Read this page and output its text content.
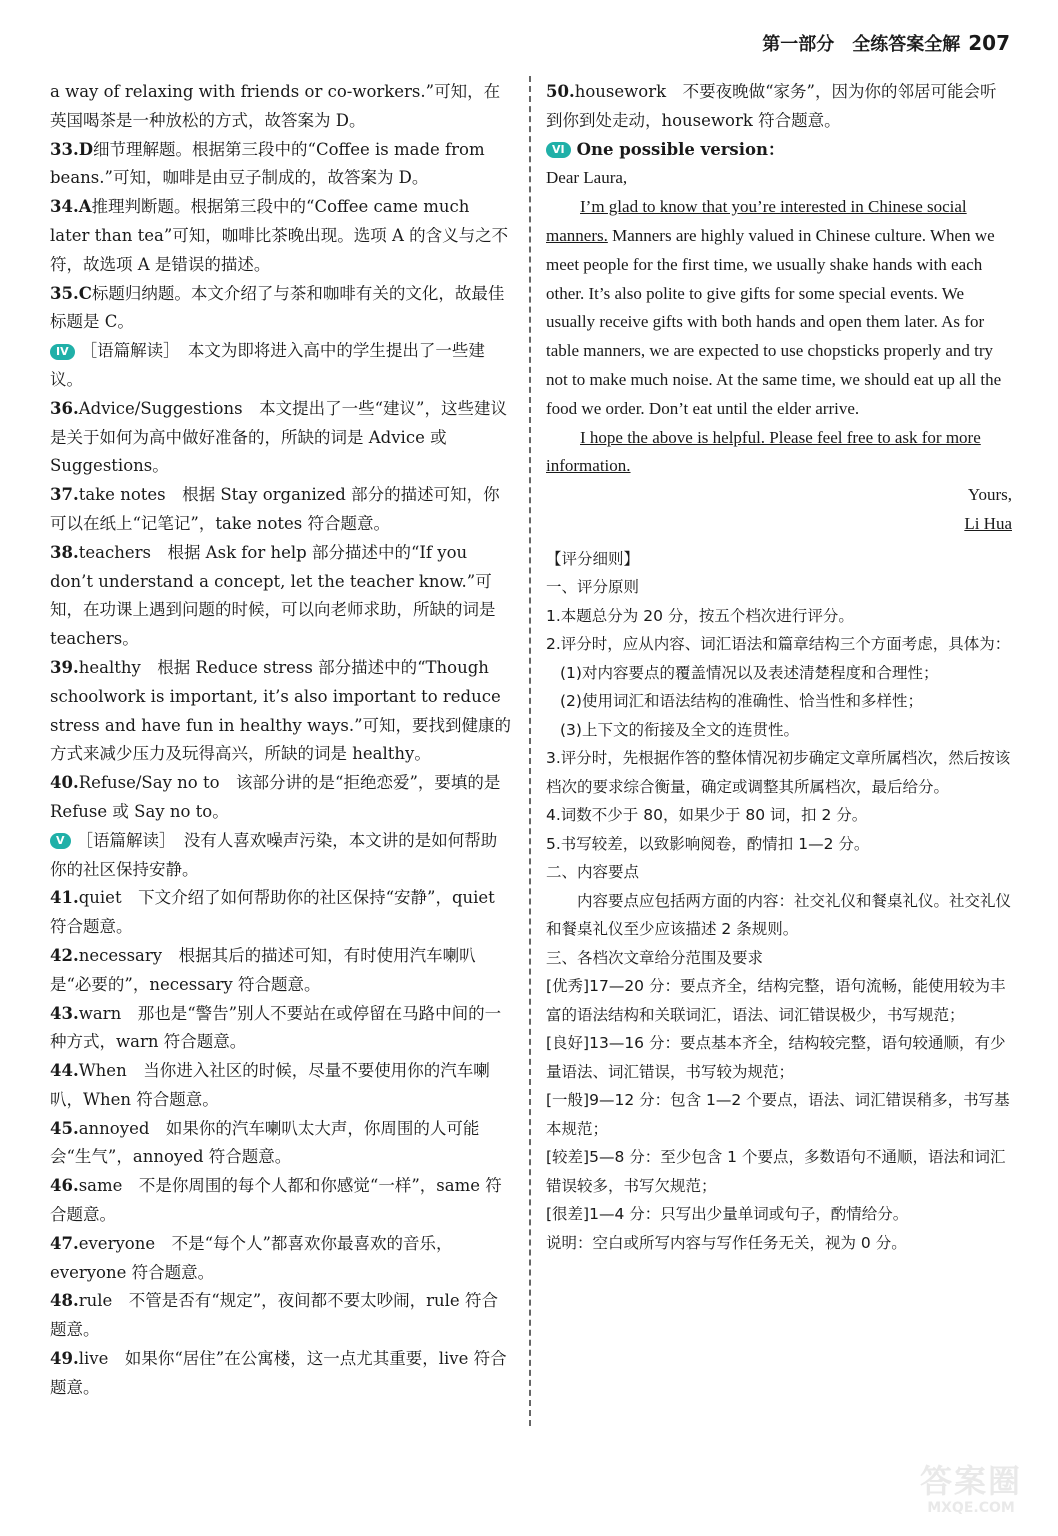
第一部分　全练答案全解 207
a way of relaxing with friends or co-workers.”可知，在英国喝茶是一种放松的方式，故答案为 D。
33.D细节理解题。根据第三段中的“Coffee is made from beans.”可知，咖啡是由豆子制成的，故答案为 D。
34.A推理判断题。根据第三段中的“Coffee came much later than tea”可知，咖啡比茶晚出现。选项 A 的含义与之不符，故选项 A 是错误的描述。
35.C标题归纳题。本文介绍了与茶和咖啡有关的文化，故最佳标题是 C。
IV ［语篇解读］　本文为即将进入高中的学生提出了一些建议。
36.Advice/Suggestions　本文提出了一些“建议”，这些建议是关于如何为高中做好准备的，所缺的词是 Advice 或 Suggestions。
37.take notes　根据 Stay organized 部分的描述可知，你可以在纸上“记笔记”，take notes 符合题意。
38.teachers　根据 Ask for help 部分描述中的“If you don’t understand a concept, let the teacher know.”可知，在功课上遇到问题的时候，可以向老师求助，所缺的词是 teachers。
39.healthy　根据 Reduce stress 部分描述中的“Though schoolwork is important, it’s also important to reduce stress and have fun in healthy ways.”可知，要找到健康的方式来减少压力及玩得高兴，所缺的词是 healthy。
40.Refuse/Say no to　该部分讲的是“拒绝恋爱”，要填的是 Refuse 或 Say no to。
V ［语篇解读］　没有人喜欢噪声污染，本文讲的是如何帮助你的社区保持安静。
41.quiet　下文介绍了如何帮助你的社区保持“安静”，quiet 符合题意。
42.necessary　根据其后的描述可知，有时使用汽车喇叭是“必要的”，necessary 符合题意。
43.warn　那也是“警告”别人不要站在或停留在马路中间的一种方式，warn 符合题意。
44.When　当你进入社区的时候，尽量不要使用你的汽车喇叭，When 符合题意。
45.annoyed　如果你的汽车喇叭太大声，你周围的人可能会“生气”，annoyed 符合题意。
46.same　不是你周围的每个人都和你感觉“一样”，same 符合题意。
47.everyone　不是“每个人”都喜欢你最喜欢的音乐，everyone 符合题意。
48.rule　不管是否有“规定”，夜间都不要太吵闹，rule 符合题意。
49.live　如果你“居住”在公寓楼，这一点尤其重要，live 符合题意。
50.housework　不要夜晚做“家务”，因为你的邻居可能会听到你到处走动，housework 符合题意。
VI One possible version：
Dear Laura,
I’m glad to know that you’re interested in Chinese social manners. Manners are highly valued in Chinese culture. When we meet people for the first time, we usually shake hands with each other. It’s also polite to give gifts for some special events. We usually receive gifts with both hands and open them later. As for table manners, we are expected to use chopsticks properly and try not to make much noise. At the same time, we should eat up all the food we order. Don’t eat until the elder arrive.
I hope the above is helpful. Please feel free to ask for more information.
Yours,
Li Hua
【评分细则】
一、评分原则
1.本题总分为 20 分，按五个档次进行评分。
2.评分时，应从内容、词汇语法和篇章结构三个方面考虑，具体为：
(1)对内容要点的覆盖情况以及表述清楚程度和合理性；
(2)使用词汇和语法结构的准确性、恰当性和多样性；
(3)上下文的衔接及全文的连贯性。
3.评分时，先根据作答的整体情况初步确定文章所属档次，然后按该档次的要求综合衡量，确定或调整其所属档次，最后给分。
4.词数不少于 80，如果少于 80 词，扣 2 分。
5.书写较差，以致影响阅卷，酌情扣 1—2 分。
二、内容要点
内容要点应包括两方面的内容：社交礼仪和餐桌礼仪。社交礼仪和餐桌礼仪至少应该描述 2 条规则。
三、各档次文章给分范围及要求
[优秀]17—20 分：要点齐全，结构完整，语句流畅，能使用较为丰富的语法结构和关联词汇，语法、词汇错误极少，书写规范；
[良好]13—16 分：要点基本齐全，结构较完整，语句较通顺，有少量语法、词汇错误，书写较为规范；
[一般]9—12 分：包含 1—2 个要点，语法、词汇错误稍多，书写基本规范；
[较差]5—8 分：至少包含 1 个要点，多数语句不通顺，语法和词汇错误较多，书写欠规范；
[很差]1—4 分：只写出少量单词或句子，酌情给分。
说明：空白或所写内容与写作任务无关，视为 0 分。
答案圈
MXQE.COM
